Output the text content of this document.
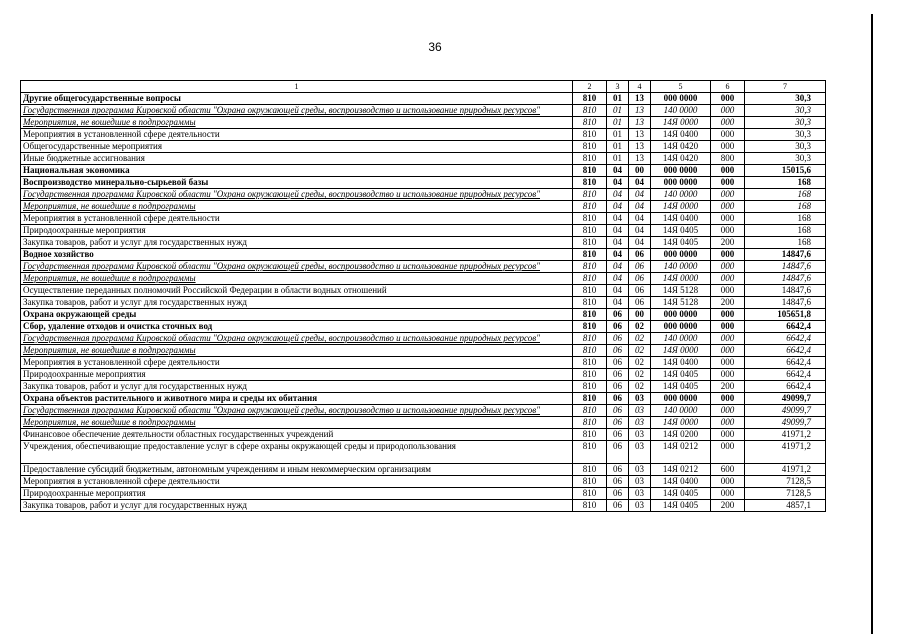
36
1	2	3	4	5	6	7
Другие общегосударственные вопросы	810	01	13	000 0000	000	30,3
Государственная программа Кировской области "Охрана окружающей среды, воспроизводство и использование природных ресурсов"	810	01	13	140 0000	000	30,3
Мероприятия, не вошедшие в подпрограммы	810	01	13	14Я 0000	000	30,3
Мероприятия в установленной сфере деятельности	810	01	13	14Я 0400	000	30,3
Общегосударственные мероприятия	810	01	13	14Я 0420	000	30,3
Иные бюджетные ассигнования	810	01	13	14Я 0420	800	30,3
Национальная экономика	810	04	00	000 0000	000	15015,6
Воспроизводство минерально-сырьевой базы	810	04	04	000 0000	000	168
Государственная программа Кировской области "Охрана окружающей среды, воспроизводство и использование природных ресурсов"	810	04	04	140 0000	000	168
Мероприятия, не вошедшие в подпрограммы	810	04	04	14Я 0000	000	168
Мероприятия в установленной сфере деятельности	810	04	04	14Я 0400	000	168
Природоохранные мероприятия	810	04	04	14Я 0405	000	168
Закупка товаров, работ и услуг для государственных нужд	810	04	04	14Я 0405	200	168
Водное хозяйство	810	04	06	000 0000	000	14847,6
Государственная программа Кировской области "Охрана окружающей среды, воспроизводство и использование природных ресурсов"	810	04	06	140 0000	000	14847,6
Мероприятия, не вошедшие в подпрограммы	810	04	06	14Я 0000	000	14847,6
Осуществление переданных полномочий Российской Федерации в области водных отношений	810	04	06	14Я 5128	000	14847,6
Закупка товаров, работ и услуг для государственных нужд	810	04	06	14Я 5128	200	14847,6
Охрана окружающей среды	810	06	00	000 0000	000	105651,8
Сбор, удаление отходов и очистка сточных вод	810	06	02	000 0000	000	6642,4
Государственная программа Кировской области "Охрана окружающей среды, воспроизводство и использование природных ресурсов"	810	06	02	140 0000	000	6642,4
Мероприятия, не вошедшие в подпрограммы	810	06	02	14Я 0000	000	6642,4
Мероприятия в установленной сфере деятельности	810	06	02	14Я 0400	000	6642,4
Природоохранные мероприятия	810	06	02	14Я 0405	000	6642,4
Закупка товаров, работ и услуг для государственных нужд	810	06	02	14Я 0405	200	6642,4
Охрана объектов растительного и животного мира и среды их обитания	810	06	03	000 0000	000	49099,7
Государственная программа Кировской области "Охрана окружающей среды, воспроизводство и использование природных ресурсов"	810	06	03	140 0000	000	49099,7
Мероприятия, не вошедшие в подпрограммы	810	06	03	14Я 0000	000	49099,7
Финансовое обеспечение деятельности областных государственных учреждений	810	06	03	14Я 0200	000	41971,2
Учреждения, обеспечивающие предоставление услуг в сфере охраны окружающей среды и природопользования	810	06	03	14Я 0212	000	41971,2
Предоставление субсидий бюджетным, автономным учреждениям и иным некоммерческим организациям	810	06	03	14Я 0212	600	41971,2
Мероприятия в установленной сфере деятельности	810	06	03	14Я 0400	000	7128,5
Природоохранные мероприятия	810	06	03	14Я 0405	000	7128,5
Закупка товаров, работ и услуг для государственных нужд	810	06	03	14Я 0405	200	4857,1
